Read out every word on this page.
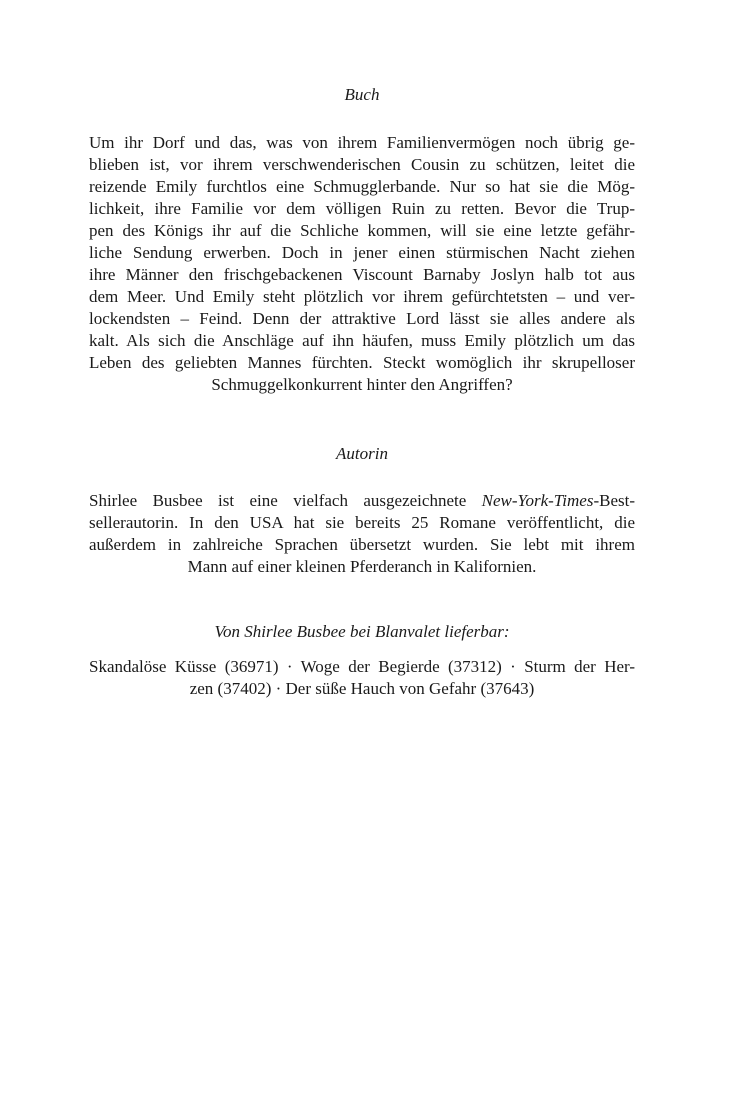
Buch

Um ihr Dorf und das, was von ihrem Familienvermögen noch übrig ge-
blieben ist, vor ihrem verschwenderischen Cousin zu schützen, leitet die
reizende Emily furchtlos eine Schmugglerbande. Nur so hat sie die Mög-
lichkeit, ihre Familie vor dem völligen Ruin zu retten. Bevor die Trup-
pen des Königs ihr auf die Schliche kommen, will sie eine letzte gefähr-
liche Sendung erwerben. Doch in jener einen stürmischen Nacht ziehen
ihre Männer den frischgebackenen Viscount Barnaby Joslyn halb tot aus
dem Meer. Und Emily steht plötzlich vor ihrem gefürchtetsten – und ver-
lockendsten – Feind. Denn der attraktive Lord lässt sie alles andere als
kalt. Als sich die Anschläge auf ihn häufen, muss Emily plötzlich um das
Leben des geliebten Mannes fürchten. Steckt womöglich ihr skrupelloser
Schmuggelkonkurrent hinter den Angriffen?

Autorin

Shirlee Busbee ist eine vielfach ausgezeichnete New-York-Times-Best-
sellerautorin. In den USA hat sie bereits 25 Romane veröffentlicht, die
außerdem in zahlreiche Sprachen übersetzt wurden. Sie lebt mit ihrem
Mann auf einer kleinen Pferderanch in Kalifornien.

Von Shirlee Busbee bei Blanvalet lieferbar:

Skandalöse Küsse (36971) · Woge der Begierde (37312) · Sturm der Her-
zen (37402) · Der süße Hauch von Gefahr (37643)
